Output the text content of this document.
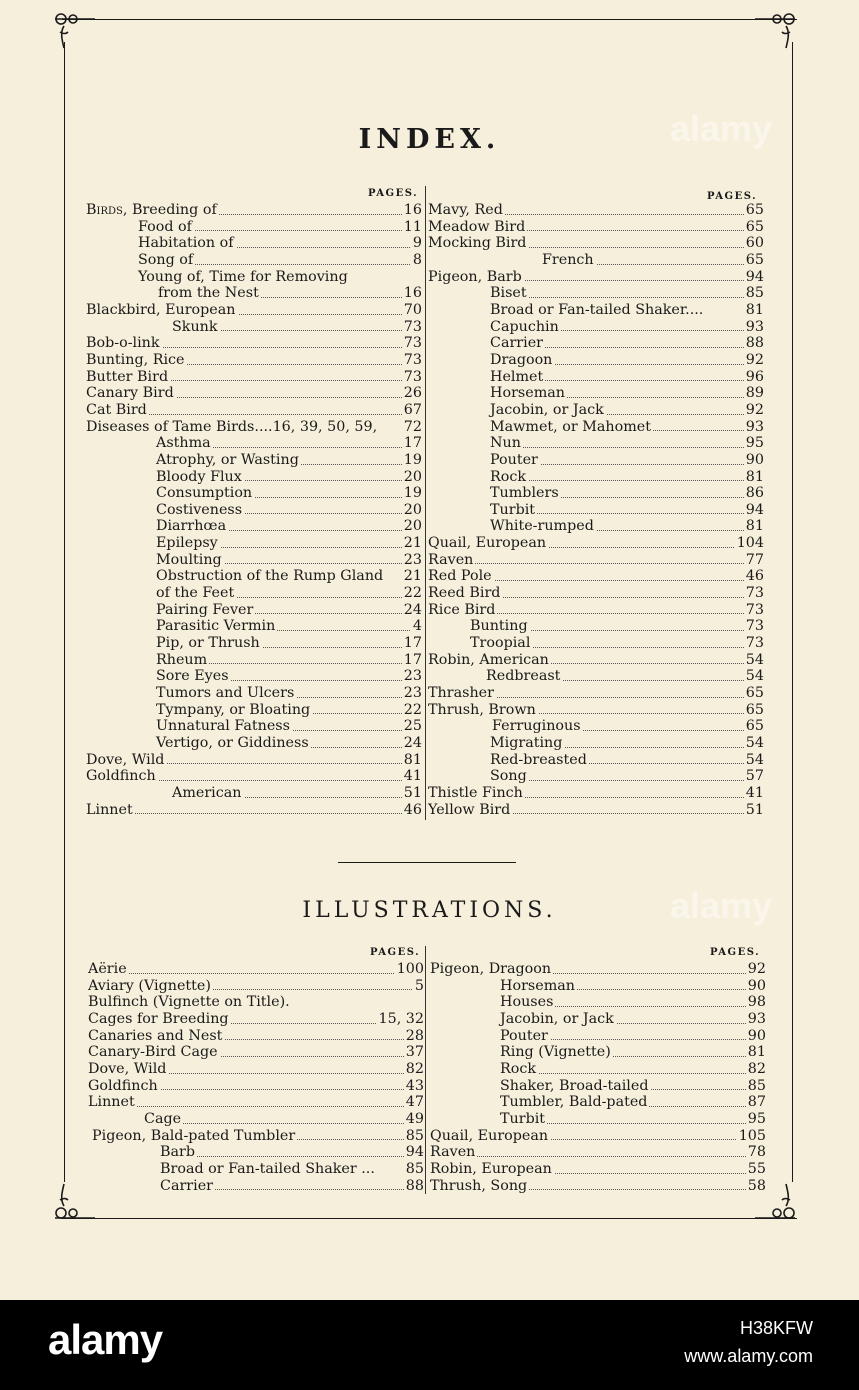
alamy
alamy
INDEX.
PAGES.	PAGES.
Birds, Breeding of	16
Food of	11
Habitation of	9
Song of	8
Young of, Time for Removing
from the Nest	16
Blackbird, European	70
Skunk	73
Bob-o-link	73
Bunting, Rice	73
Butter Bird	73
Canary Bird	26
Cat Bird	67
Diseases of Tame Birds....16, 39, 50, 59, 72
Asthma	17
Atrophy, or Wasting	19
Bloody Flux	20
Consumption	19
Costiveness	20
Diarrhœa	20
Epilepsy	21
Moulting	23
Obstruction of the Rump Gland 21
of the Feet	22
Pairing Fever	24
Parasitic Vermin	4
Pip, or Thrush	17
Rheum	17
Sore Eyes	23
Tumors and Ulcers	23
Tympany, or Bloating	22
Unnatural Fatness	25
Vertigo, or Giddiness	24
Dove, Wild	81
Goldfinch	41
American	51
Linnet	46
Mavy, Red	65
Meadow Bird	65
Mocking Bird	60
French	65
Pigeon, Barb	94
Biset	85
Broad or Fan-tailed Shaker....	81
Capuchin	93
Carrier	88
Dragoon	92
Helmet	96
Horseman	89
Jacobin, or Jack	92
Mawmet, or Mahomet	93
Nun	95
Pouter	90
Rock	81
Tumblers	86
Turbit	94
White-rumped	81
Quail, European	104
Raven	77
Red Pole	46
Reed Bird	73
Rice Bird	73
Bunting	73
Troopial	73
Robin, American	54
Redbreast	54
Thrasher	65
Thrush, Brown	65
Ferruginous	65
Migrating	54
Red-breasted	54
Song	57
Thistle Finch	41
Yellow Bird	51
ILLUSTRATIONS.
PAGES.	PAGES.
Aërie	100
Aviary (Vignette)	5
Bulfinch (Vignette on Title).
Cages for Breeding	15, 32
Canaries and Nest	28
Canary-Bird Cage	37
Dove, Wild	82
Goldfinch	43
Linnet	47
Cage	49
Pigeon, Bald-pated Tumbler	85
Barb	94
Broad or Fan-tailed Shaker ... 85
Carrier	88
Pigeon, Dragoon	92
Horseman	90
Houses	98
Jacobin, or Jack	93
Pouter	90
Ring (Vignette)	81
Rock	82
Shaker, Broad-tailed	85
Tumbler, Bald-pated	87
Turbit	95
Quail, European	105
Raven	78
Robin, European	55
Thrush, Song	58
alamy	H38KFW
www.alamy.com
